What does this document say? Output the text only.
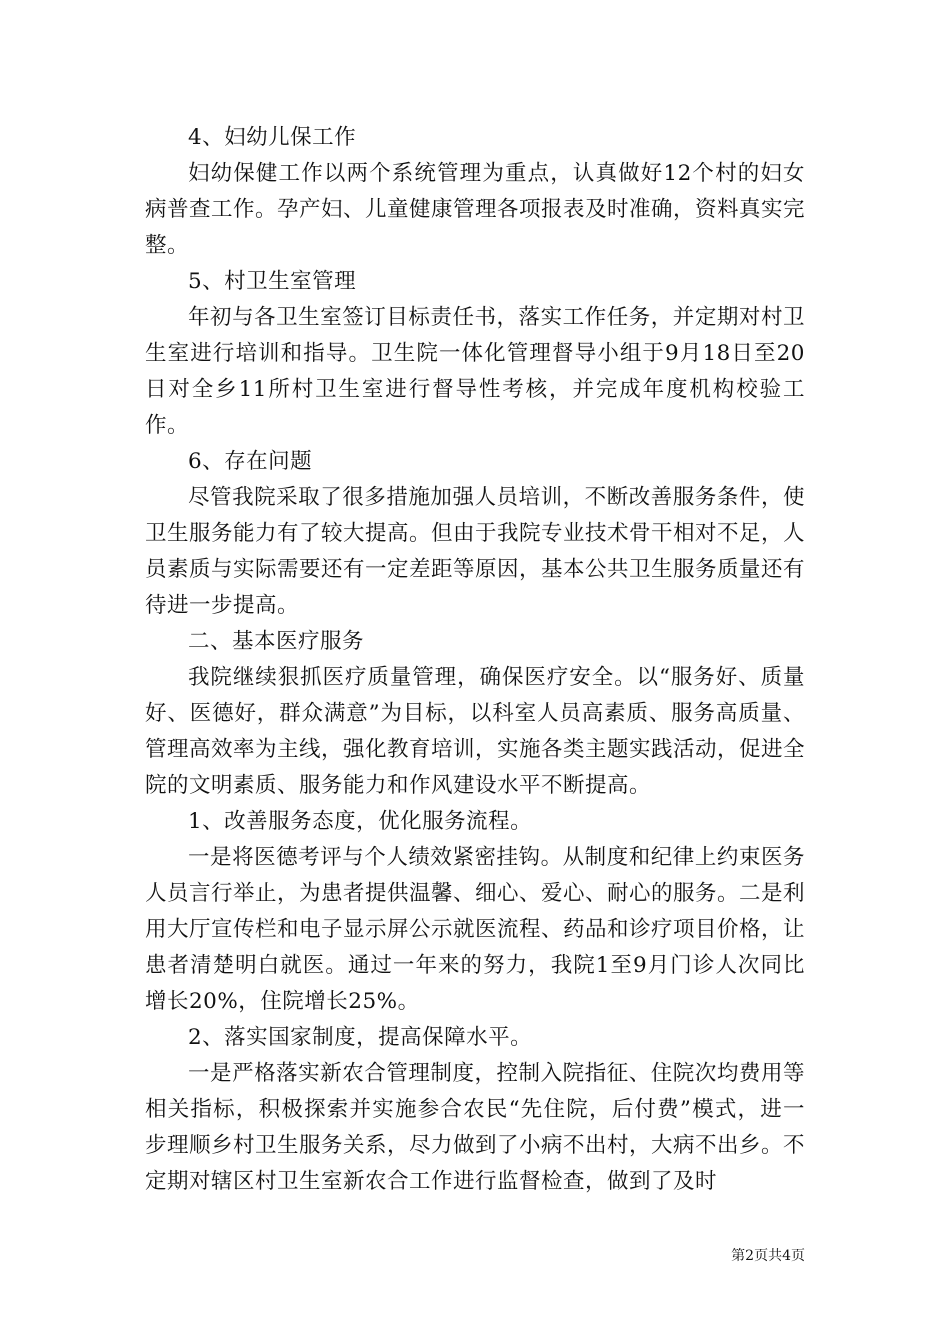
4、妇幼儿保工作

妇幼保健工作以两个系统管理为重点，认真做好12个村的妇女病普查工作。孕产妇、儿童健康管理各项报表及时准确，资料真实完整。

5、村卫生室管理

年初与各卫生室签订目标责任书，落实工作任务，并定期对村卫生室进行培训和指导。卫生院一体化管理督导小组于9月18日至20日对全乡11所村卫生室进行督导性考核，并完成年度机构校验工作。

6、存在问题

尽管我院采取了很多措施加强人员培训，不断改善服务条件，使卫生服务能力有了较大提高。但由于我院专业技术骨干相对不足，人员素质与实际需要还有一定差距等原因，基本公共卫生服务质量还有待进一步提高。

二、基本医疗服务

我院继续狠抓医疗质量管理，确保医疗安全。以“服务好、质量好、医德好，群众满意”为目标，以科室人员高素质、服务高质量、管理高效率为主线，强化教育培训，实施各类主题实践活动，促进全院的文明素质、服务能力和作风建设水平不断提高。

1、改善服务态度，优化服务流程。

一是将医德考评与个人绩效紧密挂钩。从制度和纪律上约束医务人员言行举止，为患者提供温馨、细心、爱心、耐心的服务。二是利用大厅宣传栏和电子显示屏公示就医流程、药品和诊疗项目价格，让患者清楚明白就医。通过一年来的努力，我院1至9月门诊人次同比增长20%，住院增长25%。

2、落实国家制度，提高保障水平。

一是严格落实新农合管理制度，控制入院指征、住院次均费用等相关指标，积极探索并实施参合农民“先住院，后付费”模式，进一步理顺乡村卫生服务关系，尽力做到了小病不出村，大病不出乡。不定期对辖区村卫生室新农合工作进行监督检查，做到了及时

第2页共4页
